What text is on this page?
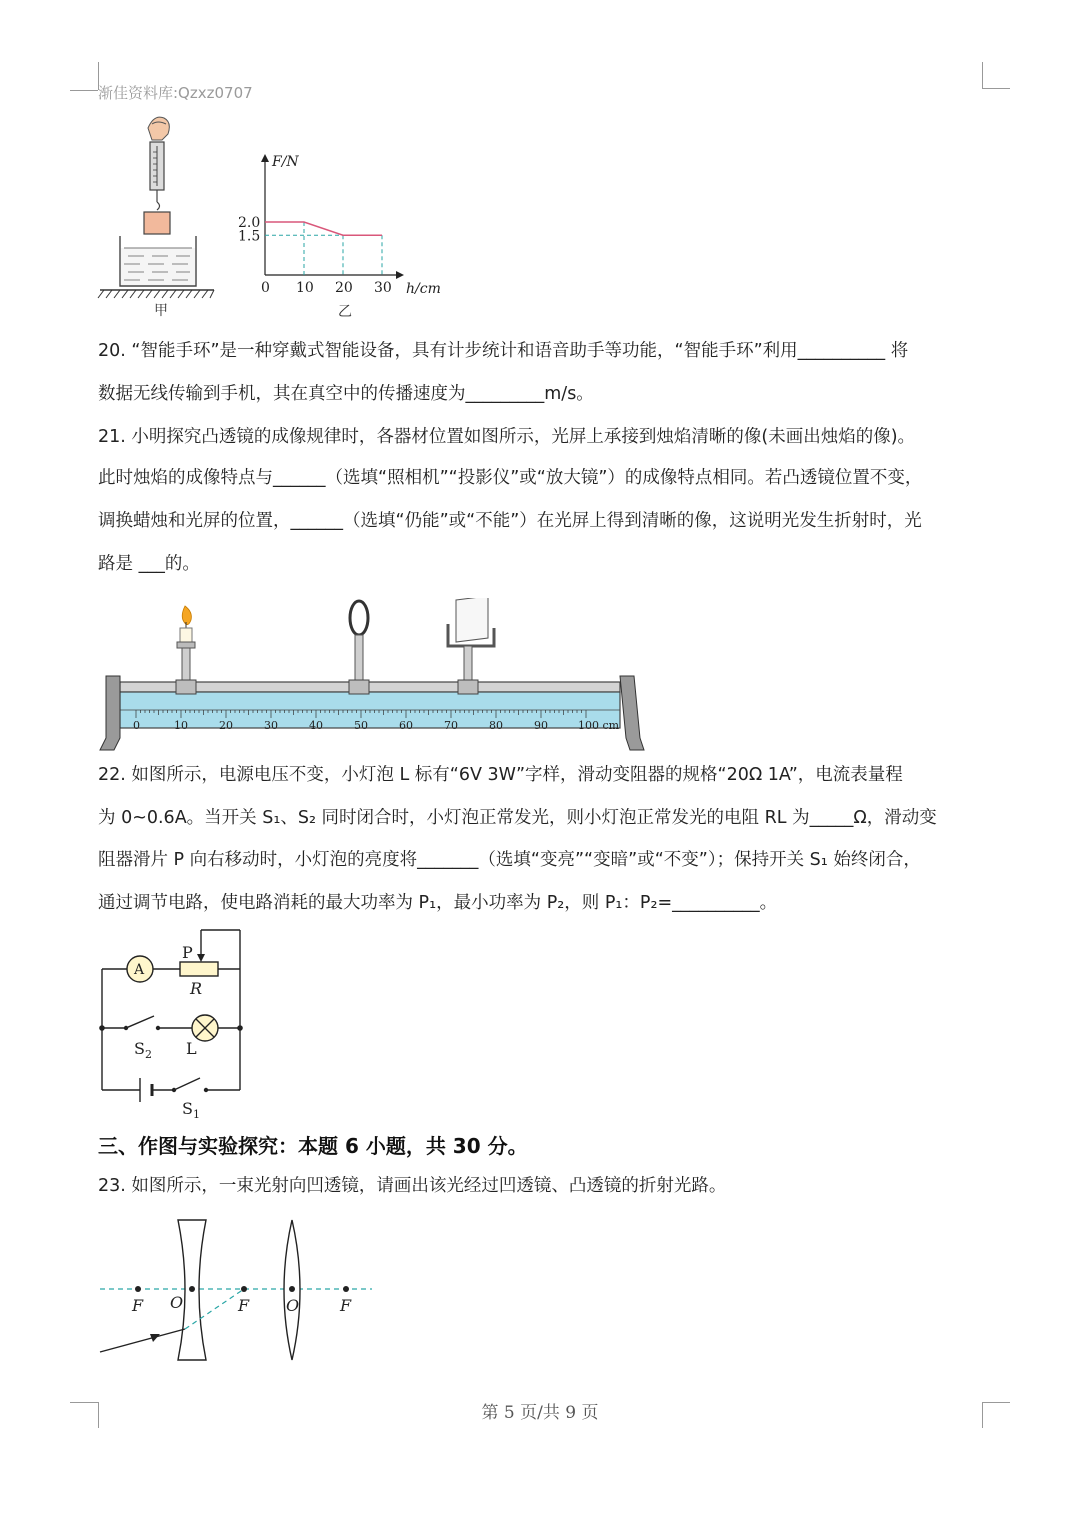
渐佳资料库:Qzxz0707
甲
F/N
h/cm
2.0
1.5
0 10 20 30
乙
20. “智能手环”是一种穿戴式智能设备，具有计步统计和语音助手等功能，“智能手环”利用__________ 将
数据无线传输到手机，其在真空中的传播速度为_________m/s。
21. 小明探究凸透镜的成像规律时，各器材位置如图所示，光屏上承接到烛焰清晰的像(未画出烛焰的像)。
此时烛焰的成像特点与______（选填“照相机”“投影仪”或“放大镜”）的成像特点相同。若凸透镜位置不变，
调换蜡烛和光屏的位置，______（选填“仍能”或“不能”）在光屏上得到清晰的像，这说明光发生折射时，光
路是 ___的。
0	10	20	30	40	50	60	70	80	90	100 cm
22. 如图所示，电源电压不变，小灯泡 L 标有“6V 3W”字样，滑动变阻器的规格“20Ω 1A”，电流表量程
为 0~0.6A。当开关 S₁、S₂ 同时闭合时，小灯泡正常发光，则小灯泡正常发光的电阻 RL 为_____Ω，滑动变
阻器滑片 P 向右移动时，小灯泡的亮度将_______（选填“变亮”“变暗”或“不变”）；保持开关 S₁ 始终闭合，
通过调节电路，使电路消耗的最大功率为 P₁，最小功率为 P₂，则 P₁：P₂=__________。
A
P
R
$S_2$ L
$S_1$
三、作图与实验探究：本题 6 小题，共 30 分。
23. 如图所示，一束光射向凹透镜，请画出该光经过凹透镜、凸透镜的折射光路。
F O	F O	F
第 5 页/共 9 页
